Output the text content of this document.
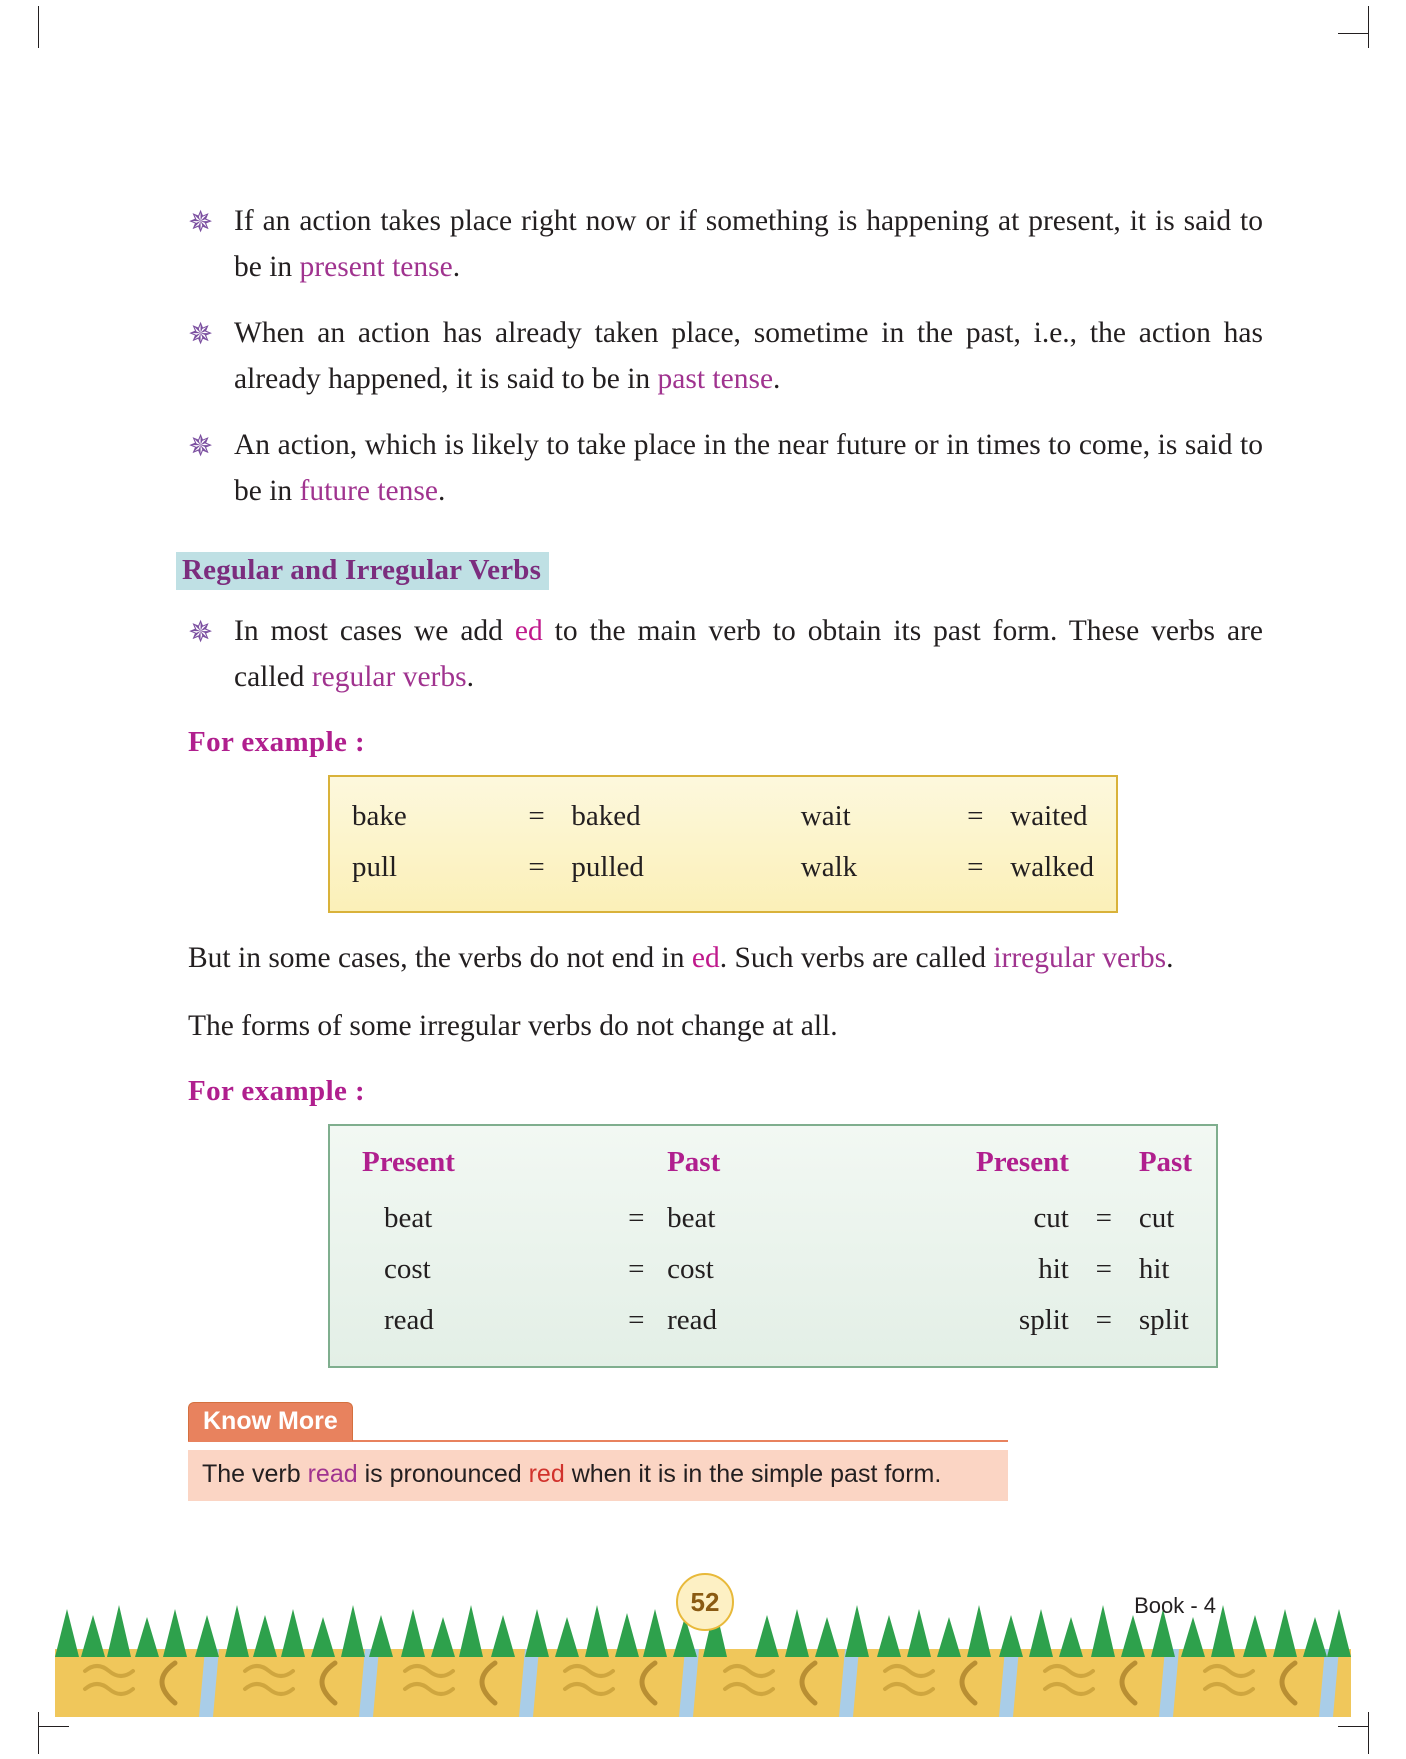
✵ If an action takes place right now or if something is happening at present, it is said to be in present tense.
✵ When an action has already taken place, sometime in the past, i.e., the action has already happened, it is said to be in past tense.
✵ An action, which is likely to take place in the near future or in times to come, is said to be in future tense.
Regular and Irregular Verbs
✵ In most cases we add ed to the main verb to obtain its past form. These verbs are called regular verbs.
For example :
bake	=	baked	wait	=	waited
pull	=	pulled	walk	=	walked
But in some cases, the verbs do not end in ed. Such verbs are called irregular verbs.
The forms of some irregular verbs do not change at all.
For example :
Present		Past	Present		Past
beat	=	beat	cut	=	cut
cost	=	cost	hit	=	hit
read	=	read	split	=	split
Know More
The verb read is pronounced red when it is in the simple past form.
52	Book - 4
